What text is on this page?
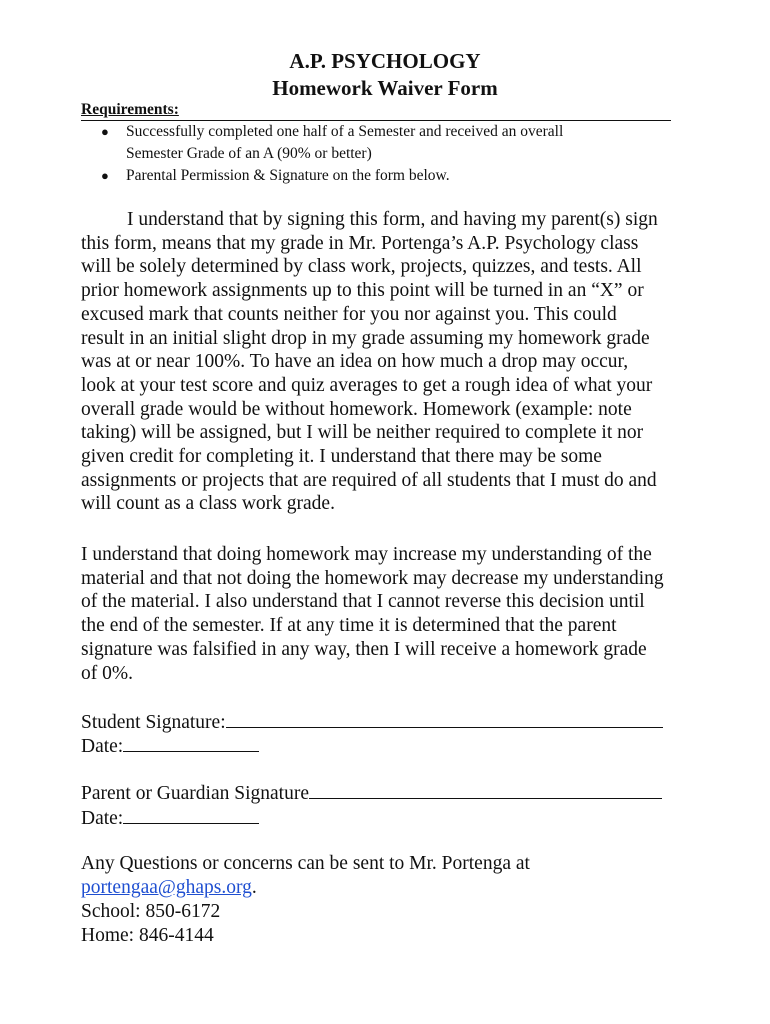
A.P. PSYCHOLOGY
Homework Waiver Form
Requirements:
● Successfully completed one half of a Semester and received an overall
Semester Grade of an A (90% or better)
● Parental Permission & Signature on the form below.
I understand that by signing this form, and having my parent(s) sign
this form, means that my grade in Mr. Portenga’s A.P. Psychology class
will be solely determined by class work, projects, quizzes, and tests. All
prior homework assignments up to this point will be turned in an “X” or
excused mark that counts neither for you nor against you. This could
result in an initial slight drop in my grade assuming my homework grade
was at or near 100%. To have an idea on how much a drop may occur,
look at your test score and quiz averages to get a rough idea of what your
overall grade would be without homework. Homework (example: note
taking) will be assigned, but I will be neither required to complete it nor
given credit for completing it. I understand that there may be some
assignments or projects that are required of all students that I must do and
will count as a class work grade.
I understand that doing homework may increase my understanding of the
material and that not doing the homework may decrease my understanding
of the material. I also understand that I cannot reverse this decision until
the end of the semester. If at any time it is determined that the parent
signature was falsified in any way, then I will receive a homework grade
of 0%.
Student Signature:
Date:
Parent or Guardian Signature
Date:
Any Questions or concerns can be sent to Mr. Portenga at
portengaa@ghaps.org.
School: 850-6172
Home: 846-4144
